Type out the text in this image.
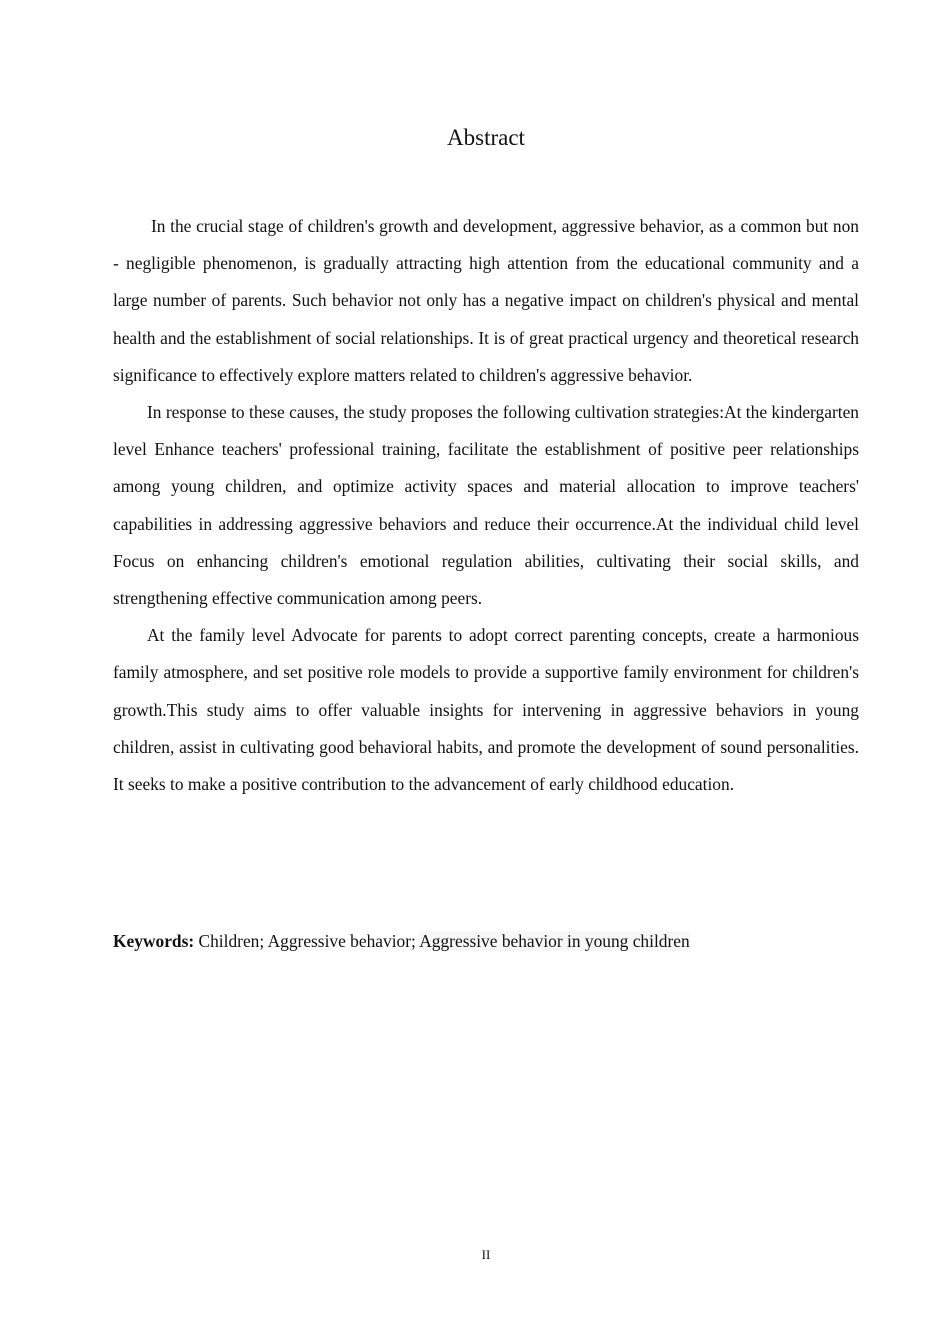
Abstract

In the crucial stage of children's growth and development, aggressive behavior, as a common but non - negligible phenomenon, is gradually attracting high attention from the educational community and a large number of parents. Such behavior not only has a negative impact on children's physical and mental health and the establishment of social relationships. It is of great practical urgency and theoretical research significance to effectively explore matters related to children's aggressive behavior.

In response to these causes, the study proposes the following cultivation strategies:At the kindergarten level Enhance teachers' professional training, facilitate the establishment of positive peer relationships among young children, and optimize activity spaces and material allocation to improve teachers' capabilities in addressing aggressive behaviors and reduce their occurrence.At the individual child level Focus on enhancing children's emotional regulation abilities, cultivating their social skills, and strengthening effective communication among peers.

At the family level Advocate for parents to adopt correct parenting concepts, create a harmonious family atmosphere, and set positive role models to provide a supportive family environment for children's growth.This study aims to offer valuable insights for intervening in aggressive behaviors in young children, assist in cultivating good behavioral habits, and promote the development of sound personalities. It seeks to make a positive contribution to the advancement of early childhood education.

Keywords: Children; Aggressive behavior; Aggressive behavior in young children

II
